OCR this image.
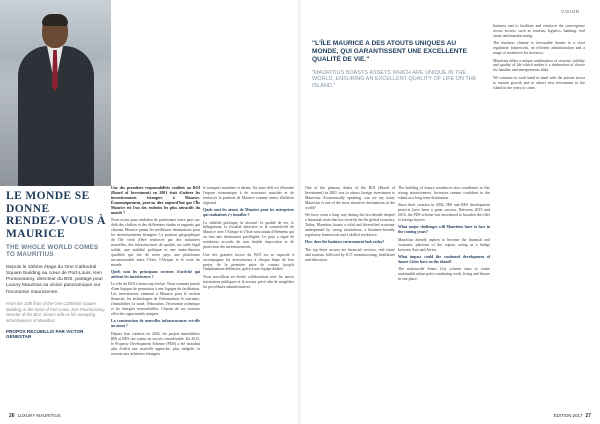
LE MONDE SE DONNE RENDEZ-VOUS À MAURICE
THE WHOLE WORLD COMES TO MAURITIUS

Depuis le 10ème étage du One Cathedral Square Building au cœur de Port-Louis, Ken Poonoosamy, directeur du BOI, partage pour Luxury Mauritius sa vision panoramique sur l'économie mauricienne.

From the 10th floor of the One Cathedral Square Building, in the heart of Port-Louis, Ken Poonoosamy, Director of the BOI, shares with us his sweeping attractiveness of Mauritius.

PROPOS RECUEILLIS PAR VICTOR GENESTAR

Une des premières responsabilités confiées au BOI (Board of Investment) en 2001 était d'attirer les investissements étrangers à Maurice. Économiquement, peut-on dire aujourd'hui que l'Île Maurice est l'un des endroits les plus attractifs du monde ?

Nous avons pour ambition de positionner notre pays au-delà des chiffres et des différentes études et rapports qui classent Maurice parmi les meilleures destinations pour les investissements étrangers. La position géographique de l'île vient d'être renforcée par des initiatives nouvelles, des infrastructures de qualité, un cadre légal solide, une stabilité politique et une main-d'œuvre qualifiée qui fait de notre pays une plateforme incontournable entre l'Asie, l'Afrique et le reste du monde.

Quels sont les principaux secteurs d'activité qui attirent les investisseurs ?

Le rôle du BOI a beaucoup évolué. Nous sommes passés d'une logique de promotion à une logique de facilitation. Les investisseurs viennent à Maurice pour le secteur financier, les technologies de l'information, le tourisme, l'immobilier, la santé, l'éducation, l'économie océanique et les énergies renouvelables. Chacun de ces secteurs offre des opportunités uniques.

La construction de nouvelles infrastructures est-elle un atout ?

Depuis leur création en 2002, les projets immobiliers IRS et RES ont connu un succès considérable. En 2015, le Property Development Scheme (PDS) a été introduit afin d'offrir une nouvelle approche, plus intégrée, et ouverte aux acheteurs étrangers.

le transport maritime et aérien. Un autre défi est d'étendre l'espace économique à de nouveaux marchés et de renforcer la position de Maurice comme centre d'affaires régional.

Quels sont les atouts de Maurice pour les entreprises qui souhaitent s'y installer ?

La stabilité politique, la sécurité, la qualité de vie, le bilinguisme, la fiscalité attractive et la connectivité de Maurice avec l'Afrique et l'Asie sont autant d'éléments qui en font une destination privilégiée. Le pays a signé de nombreux accords de non double imposition et de protection des investissements.

Une des grandes forces du BOI est sa capacité à accompagner les investisseurs à chaque étape de leur projet, de la première prise de contact jusqu'à l'implantation définitive, grâce à une équipe dédiée.

Nous travaillons en étroite collaboration avec les autres institutions publiques et le secteur privé afin de simplifier les procédures administratives.

VISION

"L'ÎLE MAURICE A DES ATOUTS UNIQUES AU MONDE, QUI GARANTISSENT UNE EXCELLENTE QUALITÉ DE VIE."

"MAURITIUS BOASTS ASSETS WHICH ARE UNIQUE IN THE WORLD, ENSURING AN EXCELLENT QUALITY OF LIFE ON THE ISLAND."

One of the primary duties of the BOI (Board of Investment) in 2001 was to attract foreign investment to Mauritius. Economically speaking, can we say today Mauritius is one of the most attractive destinations in the world?

We have come a long way during the last decade despite a financial crisis that has severely hit the global economy. Today, Mauritius boasts a solid and diversified economy underpinned by strong institutions, a business-friendly regulatory framework and a skilled workforce.

How does the business environment look today?

The top three sectors are financial services, real estate and tourism, followed by ICT, manufacturing, healthcare and education.

The building of luxury residences also contributes to this strong attractiveness. Investors remain confident in the island as a long term destination.

Since their creation in 2002, IRS and RES development projects have been a great success. Between 2015 and 2016, the PDS scheme was introduced to broaden the offer to foreign buyers.

What major challenges will Mauritius have to face in the coming years?

Mauritius already aspires to become the financial and economic platform of the region, acting as a bridge between Asia and Africa.

What impact could the continued development of Smart Cities have on the island?

The nationwide Smart City scheme aims to create sustainable urban poles combining work, living and leisure in one place.

business and to facilitate and reinforce the convergence across sectors, such as tourism, logistics, banking, real estate and manufacturing.

The business climate is favourable thanks to a clear regulatory framework, an efficient administration and a range of incentives for investors.

Mauritius offers a unique combination of security, stability and quality of life which makes it a destination of choice for families and entrepreneurs alike.

We continue to work hand in hand with the private sector to sustain growth and to attract new investment to the island in the years to come.

26 LUXURY MAURITIUS	ÉDITION 2017 27
